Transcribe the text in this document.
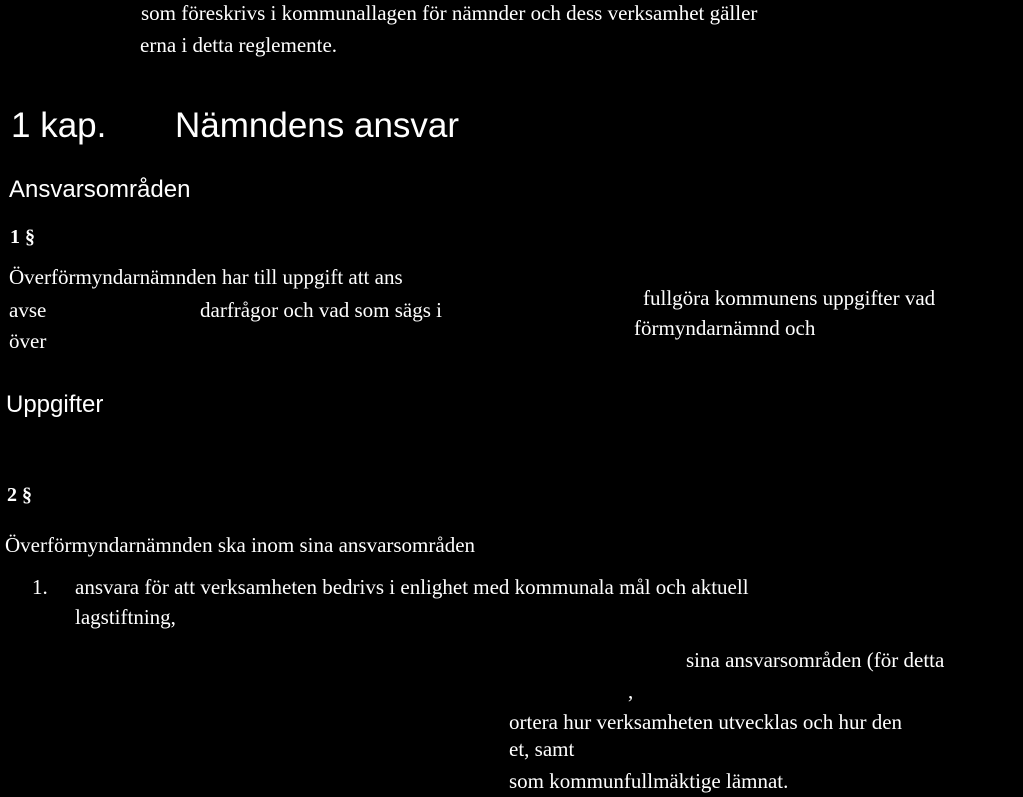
som föreskrivs i kommunallagen för nämnder och dess verksamhet gäller
erna i detta reglemente.
1 kap. Nämndens ansvar
Ansvarsområden
1 §
Överförmyndarnämnden har till uppgift att ans
avse	darfrågor och vad som sägs i
över
fullgöra kommunens uppgifter vad
förmyndarnämnd och
Uppgifter
2 §
Överförmyndarnämnden ska inom sina ansvarsområden
1. ansvara för att verksamheten bedrivs i enlighet med kommunala mål och aktuell
lagstiftning,
sina ansvarsområden (för detta
,
ortera hur verksamheten utvecklas och hur den
et, samt
som kommunfullmäktige lämnat.
